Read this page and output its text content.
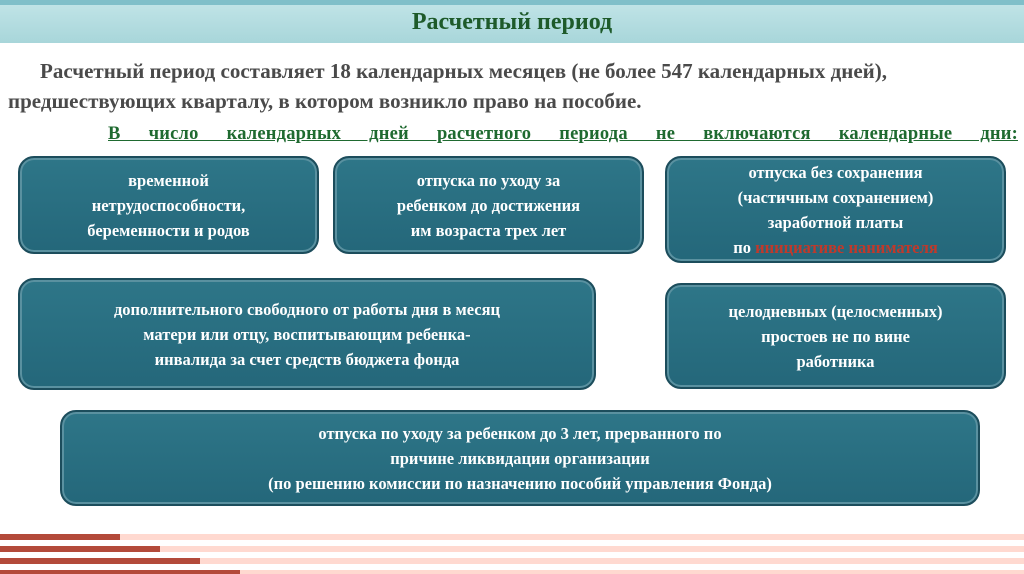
Расчетный период
Расчетный период составляет 18 календарных месяцев (не более 547 календарных дней), предшествующих кварталу, в котором возникло право на пособие.
В число календарных дней расчетного периода не включаются календарные дни:
временной
нетрудоспособности,
беременности и родов
отпуска по уходу за
ребенком до достижения
им возраста трех лет
отпуска без сохранения
(частичным сохранением)
заработной платы
по инициативе нанимателя
дополнительного свободного от работы дня в месяц
матери или отцу, воспитывающим ребенка-
инвалида за счет средств бюджета фонда
целодневных (целосменных)
простоев не по вине
работника
отпуска по уходу за ребенком до 3 лет, прерванного по
причине ликвидации организации
(по решению комиссии по назначению пособий управления Фонда)
